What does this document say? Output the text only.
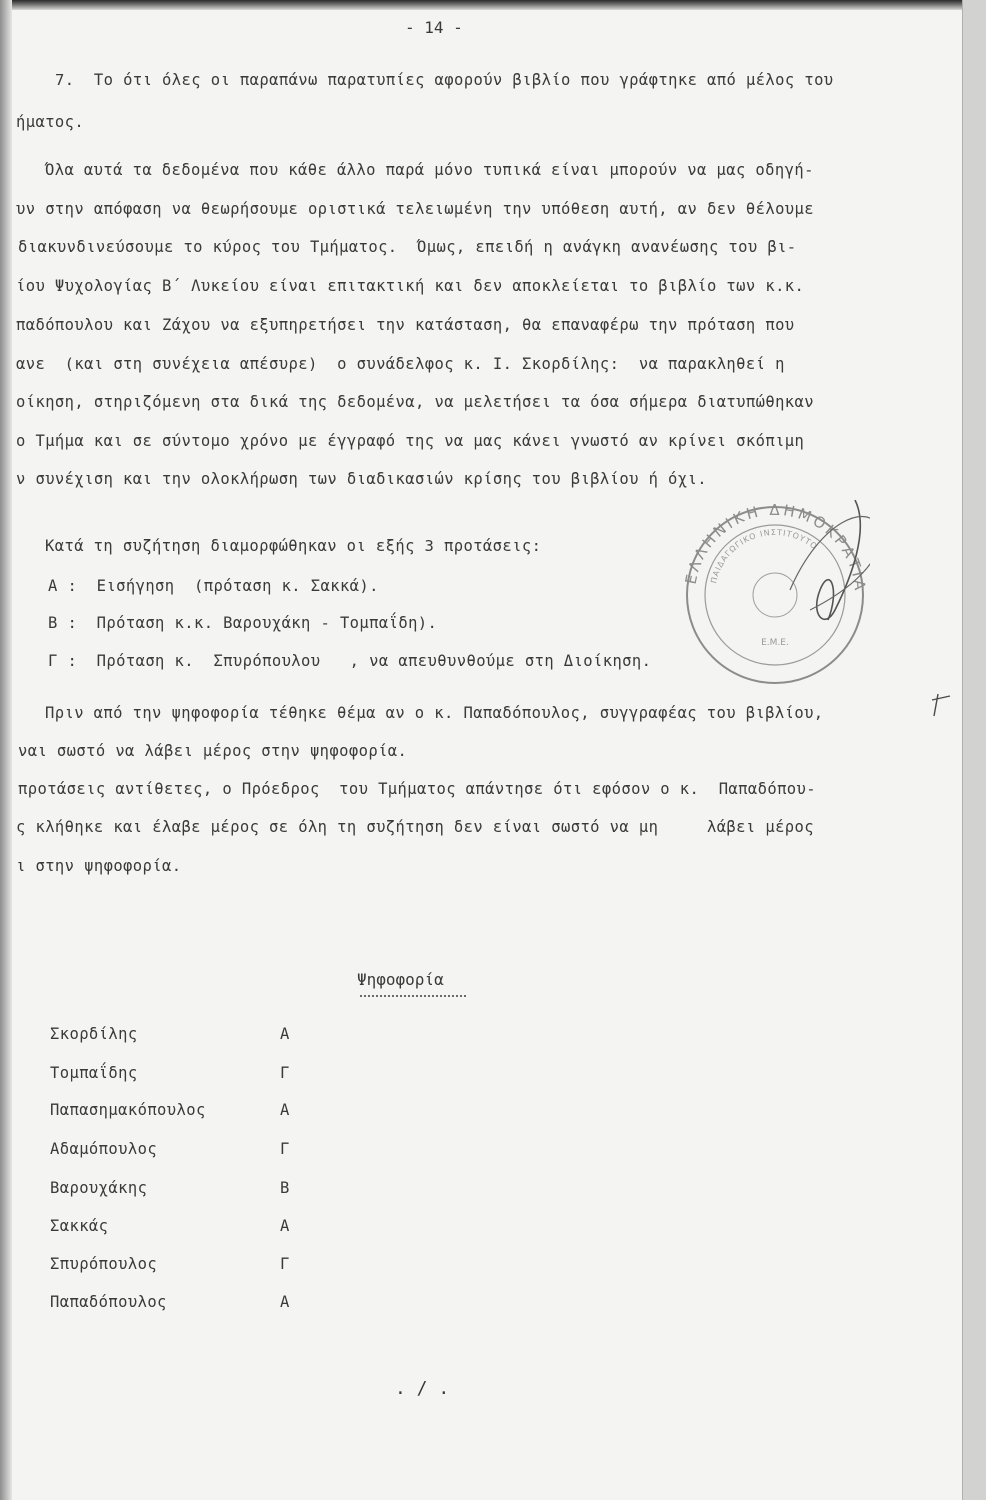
- 14 -
7.  Το ότι όλες οι παραπάνω παρατυπίες αφορούν βιβλίο που γράφτηκε από μέλος του
ήματος.
Όλα αυτά τα δεδομένα που κάθε άλλο παρά μόνο τυπικά είναι μπορούν να μας οδηγή-
υν στην απόφαση να θεωρήσουμε οριστικά τελειωμένη την υπόθεση αυτή, αν δεν θέλουμε
διακυνδινεύσουμε το κύρος του Τμήματος.  Όμως, επειδή η ανάγκη ανανέωσης του βι-
ίου Ψυχολογίας Β΄ Λυκείου είναι επιτακτική και δεν αποκλείεται το βιβλίο των κ.κ.
παδόπουλου και Ζάχου να εξυπηρετήσει την κατάσταση, θα επαναφέρω την πρόταση που
ανε  (και στη συνέχεια απέσυρε)  ο συνάδελφος κ. Ι. Σκορδίλης:  να παρακληθεί η
οίκηση, στηριζόμενη στα δικά της δεδομένα, να μελετήσει τα όσα σήμερα διατυπώθηκαν
ο Τμήμα και σε σύντομο χρόνο με έγγραφό της να μας κάνει γνωστό αν κρίνει σκόπιμη
ν συνέχιση και την ολοκλήρωση των διαδικασιών κρίσης του βιβλίου ή όχι.
Κατά τη συζήτηση διαμορφώθηκαν οι εξής 3 προτάσεις:
Α :  Εισήγηση  (πρόταση κ. Σακκά).
Β :  Πρόταση κ.κ. Βαρουχάκη - Τομπαΐδη).
Γ :  Πρόταση κ.  Σπυρόπουλου   , να απευθυνθούμε στη Διοίκηση.
Πριν από την ψηφοφορία τέθηκε θέμα αν ο κ. Παπαδόπουλος, συγγραφέας του βιβλίου,
ναι σωστό να λάβει μέρος στην ψηφοφορία.
προτάσεις αντίθετες, ο Πρόεδρος  του Τμήματος απάντησε ότι εφόσον ο κ.  Παπαδόπου-
ς κλήθηκε και έλαβε μέρος σε όλη τη συζήτηση δεν είναι σωστό να μη     λάβει μέρος
ι στην ψηφοφορία.
Ψηφοφορία
Σκορδίλης	Α
Τομπαΐδης	Γ
Παπασημακόπουλος	Α
Αδαμόπουλος	Γ
Βαρουχάκης	Β
Σακκάς	Α
Σπυρόπουλος	Γ
Παπαδόπουλος	Α
. / .
ΕΛΛΗΝΙΚΗ ΔΗΜΟΚΡΑΤΙΑ
ΠΑΙΔΑΓΩΓΙΚΟ ΙΝΣΤΙΤΟΥΤΟ
Ε.Μ.Ε.
